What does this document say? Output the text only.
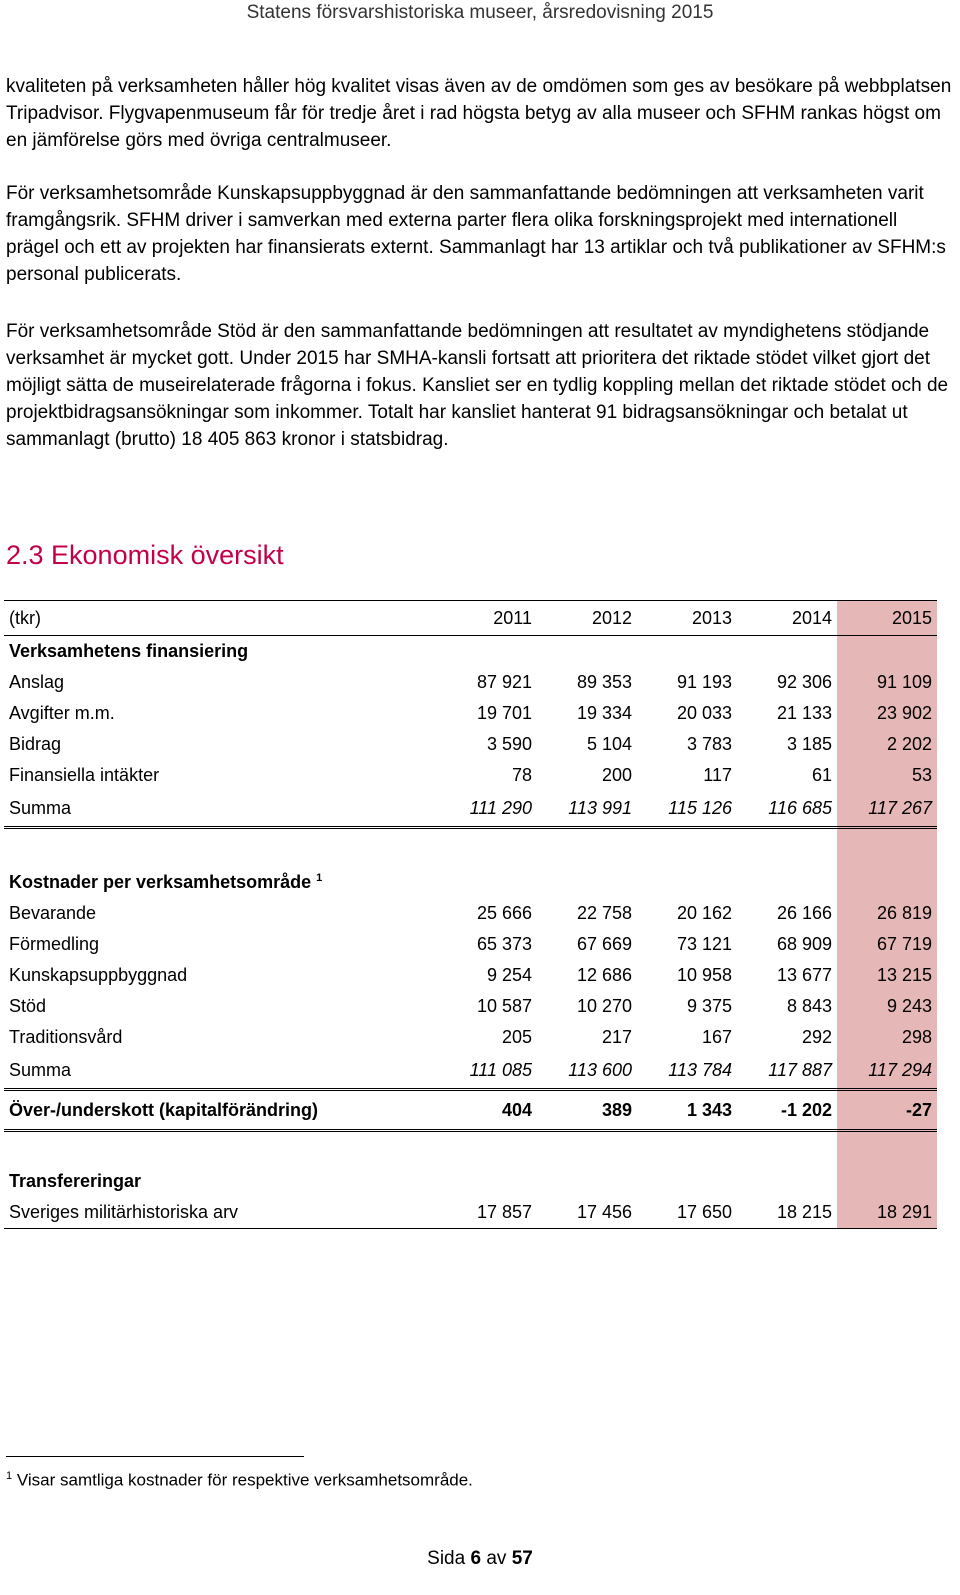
Statens försvarshistoriska museer, årsredovisning 2015

kvaliteten på verksamheten håller hög kvalitet visas även av de omdömen som ges av besökare på webbplatsen Tripadvisor. Flygvapenmuseum får för tredje året i rad högsta betyg av alla museer och SFHM rankas högst om en jämförelse görs med övriga centralmuseer.

För verksamhetsområde Kunskapsuppbyggnad är den sammanfattande bedömningen att verksamheten varit framgångsrik. SFHM driver i samverkan med externa parter flera olika forskningsprojekt med internationell prägel och ett av projekten har finansierats externt. Sammanlagt har 13 artiklar och två publikationer av SFHM:s personal publicerats.

För verksamhetsområde Stöd är den sammanfattande bedömningen att resultatet av myndighetens stödjande verksamhet är mycket gott. Under 2015 har SMHA-kansli fortsatt att prioritera det riktade stödet vilket gjort det möjligt sätta de museirelaterade frågorna i fokus. Kansliet ser en tydlig koppling mellan det riktade stödet och de projektbidragsansökningar som inkommer. Totalt har kansliet hanterat 91 bidragsansökningar och betalat ut sammanlagt (brutto) 18 405 863 kronor i statsbidrag.

2.3 Ekonomisk översikt
(tkr)	2011	2012	2013	2014	2015
Verksamhetens finansiering					
Anslag	87 921	89 353	91 193	92 306	91 109
Avgifter m.m.	19 701	19 334	20 033	21 133	23 902
Bidrag	3 590	5 104	3 783	3 185	2 202
Finansiella intäkter	78	200	117	61	53
Summa	111 290	113 991	115 126	116 685	117 267

Kostnader per verksamhetsområde $^1$					
Bevarande	25 666	22 758	20 162	26 166	26 819
Förmedling	65 373	67 669	73 121	68 909	67 719
Kunskapsuppbyggnad	9 254	12 686	10 958	13 677	13 215
Stöd	10 587	10 270	9 375	8 843	9 243
Traditionsvård	205	217	167	292	298
Summa	111 085	113 600	113 784	117 887	117 294
Över-/underskott (kapitalförändring)	404	389	1 343	-1 202	-27

Transfereringar					
Sveriges militärhistoriska arv	17 857	17 456	17 650	18 215	18 291
$^1$ Visar samtliga kostnader för respektive verksamhetsområde.
Sida 6 av 57
